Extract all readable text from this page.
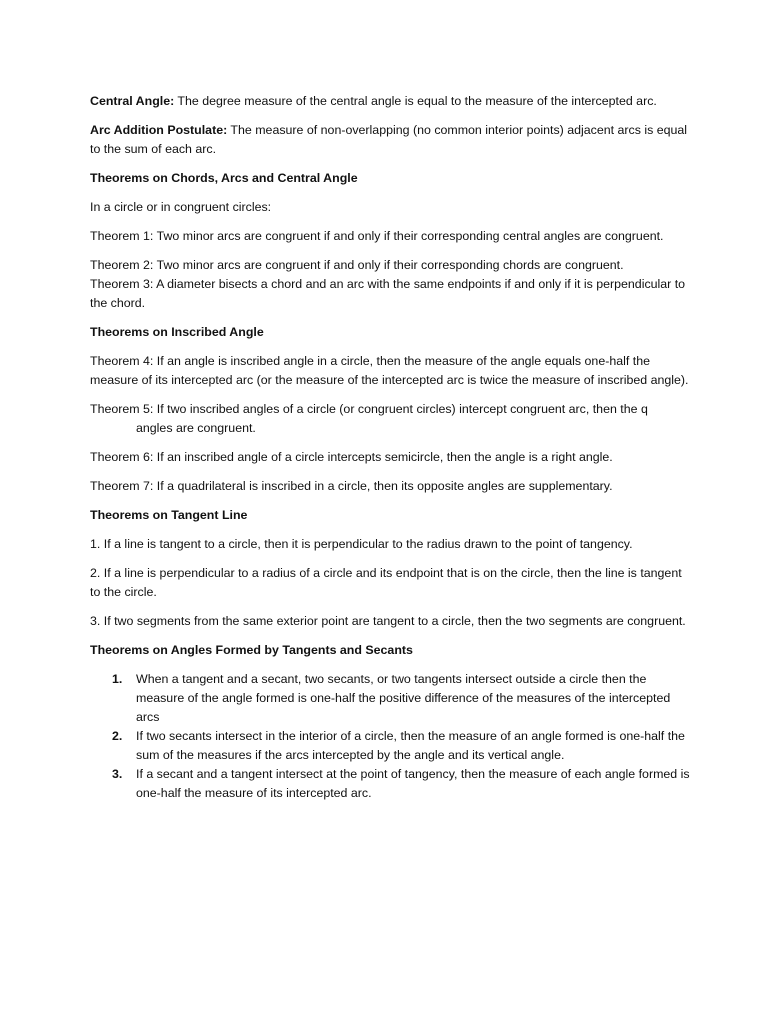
Central Angle: The degree measure of the central angle is equal to the measure of the intercepted arc.

Arc Addition Postulate: The measure of non-overlapping (no common interior points) adjacent arcs is equal to the sum of each arc.

Theorems on Chords, Arcs and Central Angle

In a circle or in congruent circles:

Theorem 1: Two minor arcs are congruent if and only if their corresponding central angles are congruent.

Theorem 2: Two minor arcs are congruent if and only if their corresponding chords are congruent.

Theorem 3: A diameter bisects a chord and an arc with the same endpoints if and only if it is perpendicular to the chord.

Theorems on Inscribed Angle

Theorem 4: If an angle is inscribed angle in a circle, then the measure of the angle equals one-half the measure of its intercepted arc (or the measure of the intercepted arc is twice the measure of inscribed angle).

Theorem 5: If two inscribed angles of a circle (or congruent circles) intercept congruent arc, then the q
angles are congruent.

Theorem 6: If an inscribed angle of a circle intercepts semicircle, then the angle is a right angle.

Theorem 7: If a quadrilateral is inscribed in a circle, then its opposite angles are supplementary.

Theorems on Tangent Line

1. If a line is tangent to a circle, then it is perpendicular to the radius drawn to the point of tangency.

2. If a line is perpendicular to a radius of a circle and its endpoint that is on the circle, then the line is tangent to the circle.

3. If two segments from the same exterior point are tangent to a circle, then the two segments are congruent.

Theorems on Angles Formed by Tangents and Secants

1. When a tangent and a secant, two secants, or two tangents intersect outside a circle then the measure of the angle formed is one-half the positive difference of the measures of the intercepted arcs
2. If two secants intersect in the interior of a circle, then the measure of an angle formed is one-half the sum of the measures if the arcs intercepted by the angle and its vertical angle.
3. If a secant and a tangent intersect at the point of tangency, then the measure of each angle formed is one-half the measure of its intercepted arc.
